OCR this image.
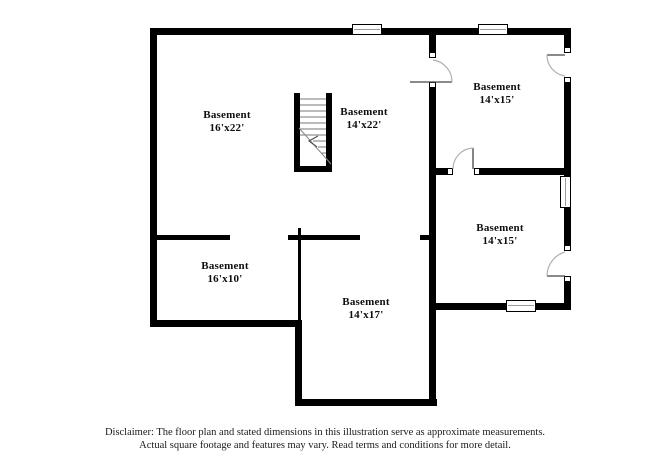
Basement
16'x22'
Basement
14'x22'
Basement
14'x15'
Basement
14'x15'
Basement
16'x10'
Basement
14'x17'
Disclaimer: The floor plan and stated dimensions in this illustration serve as approximate measurements.
Actual square footage and features may vary. Read terms and conditions for more detail.
